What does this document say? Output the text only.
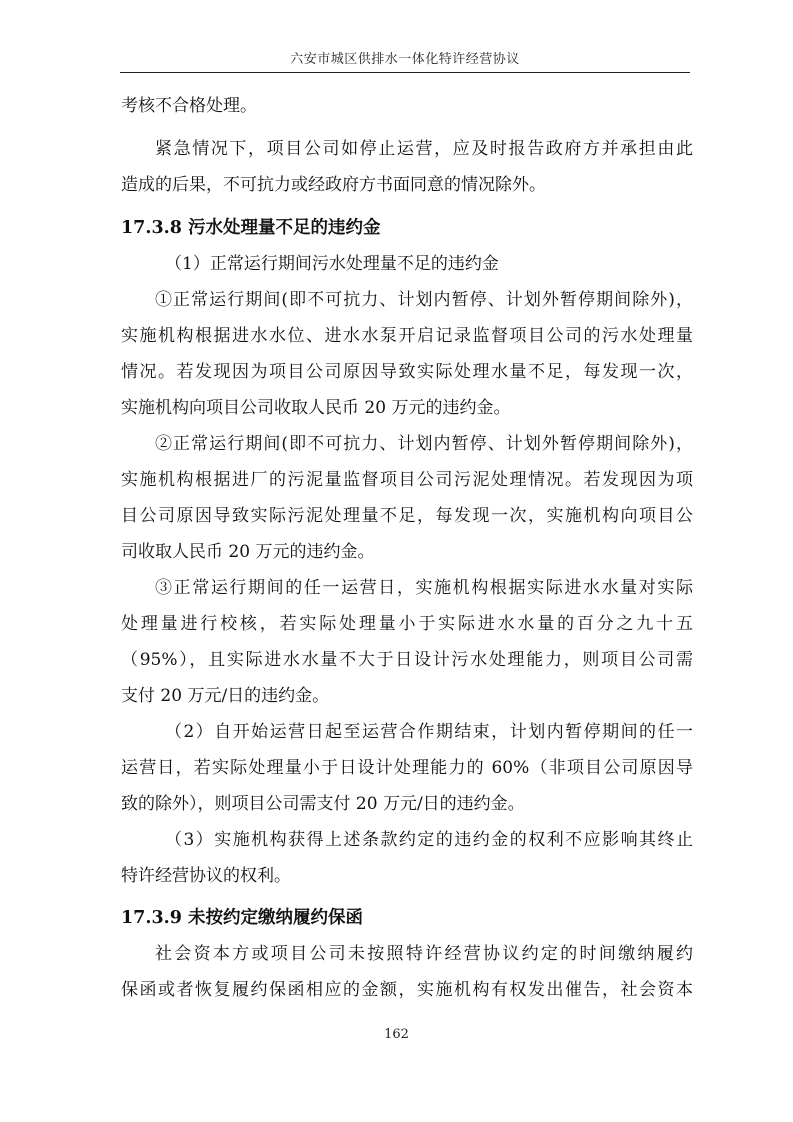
六安市城区供排水一体化特许经营协议
考核不合格处理。
紧急情况下，项目公司如停止运营，应及时报告政府方并承担由此
造成的后果，不可抗力或经政府方书面同意的情况除外。
17.3.8 污水处理量不足的违约金
（1）正常运行期间污水处理量不足的违约金
①正常运行期间(即不可抗力、计划内暂停、计划外暂停期间除外)，
实施机构根据进水水位、进水水泵开启记录监督项目公司的污水处理量
情况。若发现因为项目公司原因导致实际处理水量不足，每发现一次，
实施机构向项目公司收取人民币 20 万元的违约金。
②正常运行期间(即不可抗力、计划内暂停、计划外暂停期间除外)，
实施机构根据进厂的污泥量监督项目公司污泥处理情况。若发现因为项
目公司原因导致实际污泥处理量不足，每发现一次，实施机构向项目公
司收取人民币 20 万元的违约金。
③正常运行期间的任一运营日，实施机构根据实际进水水量对实际
处理量进行校核，若实际处理量小于实际进水水量的百分之九十五
（95%），且实际进水水量不大于日设计污水处理能力，则项目公司需
支付 20 万元/日的违约金。
（2）自开始运营日起至运营合作期结束，计划内暂停期间的任一
运营日，若实际处理量小于日设计处理能力的 60%（非项目公司原因导
致的除外），则项目公司需支付 20 万元/日的违约金。
（3）实施机构获得上述条款约定的违约金的权利不应影响其终止
特许经营协议的权利。
17.3.9 未按约定缴纳履约保函
社会资本方或项目公司未按照特许经营协议约定的时间缴纳履约
保函或者恢复履约保函相应的金额，实施机构有权发出催告，社会资本
162
